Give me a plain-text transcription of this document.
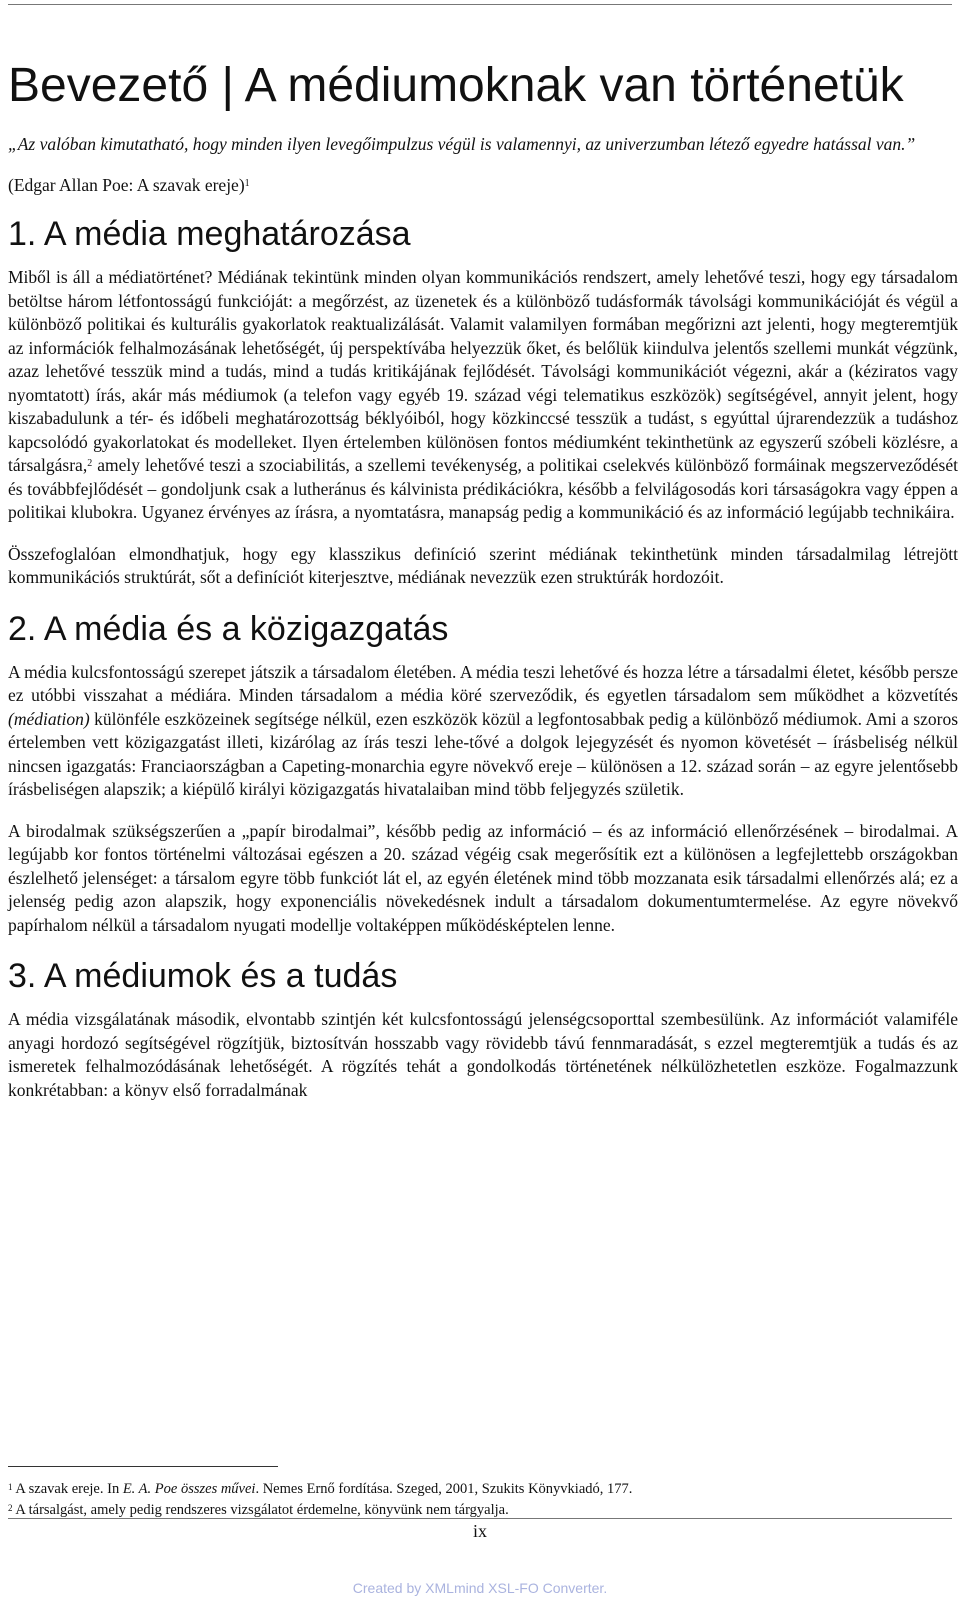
Bevezető | A médiumoknak van történetük

„Az valóban kimutatható, hogy minden ilyen levegőimpulzus végül is valamennyi, az univerzumban létező egyedre hatással van.”

(Edgar Allan Poe: A szavak ereje)$^1$

1. A média meghatározása

Miből is áll a médiatörténet? Médiának tekintünk minden olyan kommunikációs rendszert, amely lehetővé teszi, hogy egy társadalom betöltse három létfontosságú funkcióját: a megőrzést, az üzenetek és a különböző tudásformák távolsági kommunikációját és végül a különböző politikai és kulturális gyakorlatok reaktualizálását. Valamit valamilyen formában megőrizni azt jelenti, hogy megteremtjük az információk felhalmozásának lehetőségét, új perspektívába helyezzük őket, és belőlük kiindulva jelentős szellemi munkát végzünk, azaz lehetővé tesszük mind a tudás, mind a tudás kritikájának fejlődését. Távolsági kommunikációt végezni, akár a (kéziratos vagy nyomtatott) írás, akár más médiumok (a telefon vagy egyéb 19. század végi telematikus eszközök) segítségével, annyit jelent, hogy kiszabadulunk a tér- és időbeli meghatározottság béklyóiból, hogy közkinccsé tesszük a tudást, s egyúttal újrarendezzük a tudáshoz kapcsolódó gyakorlatokat és modelleket. Ilyen értelemben különösen fontos médiumként tekinthetünk az egyszerű szóbeli közlésre, a társalgásra,$^2$ amely lehetővé teszi a szociabilitás, a szellemi tevékenység, a politikai cselekvés különböző formáinak megszerveződését és továbbfejlődését – gondoljunk csak a lutheránus és kálvinista prédikációkra, később a felvilágosodás kori társaságokra vagy éppen a politikai klubokra. Ugyanez érvényes az írásra, a nyomtatásra, manapság pedig a kommunikáció és az információ legújabb technikáira.

Összefoglalóan elmondhatjuk, hogy egy klasszikus definíció szerint médiának tekinthetünk minden társadalmilag létrejött kommunikációs struktúrát, sőt a definíciót kiterjesztve, médiának nevezzük ezen struktúrák hordozóit.

2. A média és a közigazgatás

A média kulcsfontosságú szerepet játszik a társadalom életében. A média teszi lehetővé és hozza létre a társadalmi életet, később persze ez utóbbi visszahat a médiára. Minden társadalom a média köré szerveződik, és egyetlen társadalom sem működhet a közvetítés (médiation) különféle eszközeinek segítsége nélkül, ezen eszközök közül a legfontosabbak pedig a különböző médiumok. Ami a szoros értelemben vett közigazgatást illeti, kizárólag az írás teszi lehe-tővé a dolgok lejegyzését és nyomon követését – írásbeliség nélkül nincsen igazgatás: Franciaországban a Capeting-monarchia egyre növekvő ereje – különösen a 12. század során – az egyre jelentősebb írásbeliségen alapszik; a kiépülő királyi közigazgatás hivatalaiban mind több feljegyzés születik.

A birodalmak szükségszerűen a „papír birodalmai”, később pedig az információ – és az információ ellenőrzésének – birodalmai. A legújabb kor fontos történelmi változásai egészen a 20. század végéig csak megerősítik ezt a különösen a legfejlettebb országokban észlelhető jelenséget: a társalom egyre több funkciót lát el, az egyén életének mind több mozzanata esik társadalmi ellenőrzés alá; ez a jelenség pedig azon alapszik, hogy exponenciális növekedésnek indult a társadalom dokumentumtermelése. Az egyre növekvő papírhalom nélkül a társadalom nyugati modellje voltaképpen működésképtelen lenne.

3. A médiumok és a tudás

A média vizsgálatának második, elvontabb szintjén két kulcsfontosságú jelenségcsoporttal szembesülünk. Az információt valamiféle anyagi hordozó segítségével rögzítjük, biztosítván hosszabb vagy rövidebb távú fennmaradását, s ezzel megteremtjük a tudás és az ismeretek felhalmozódásának lehetőségét. A rögzítés tehát a gondolkodás történetének nélkülözhetetlen eszköze. Fogalmazzunk konkrétabban: a könyv első forradalmának

$^1$ A szavak ereje. In E. A. Poe összes művei. Nemes Ernő fordítása. Szeged, 2001, Szukits Könyvkiadó, 177.

$^2$ A társalgást, amely pedig rendszeres vizsgálatot érdemelne, könyvünk nem tárgyalja.

ix
Created by XMLmind XSL-FO Converter.
